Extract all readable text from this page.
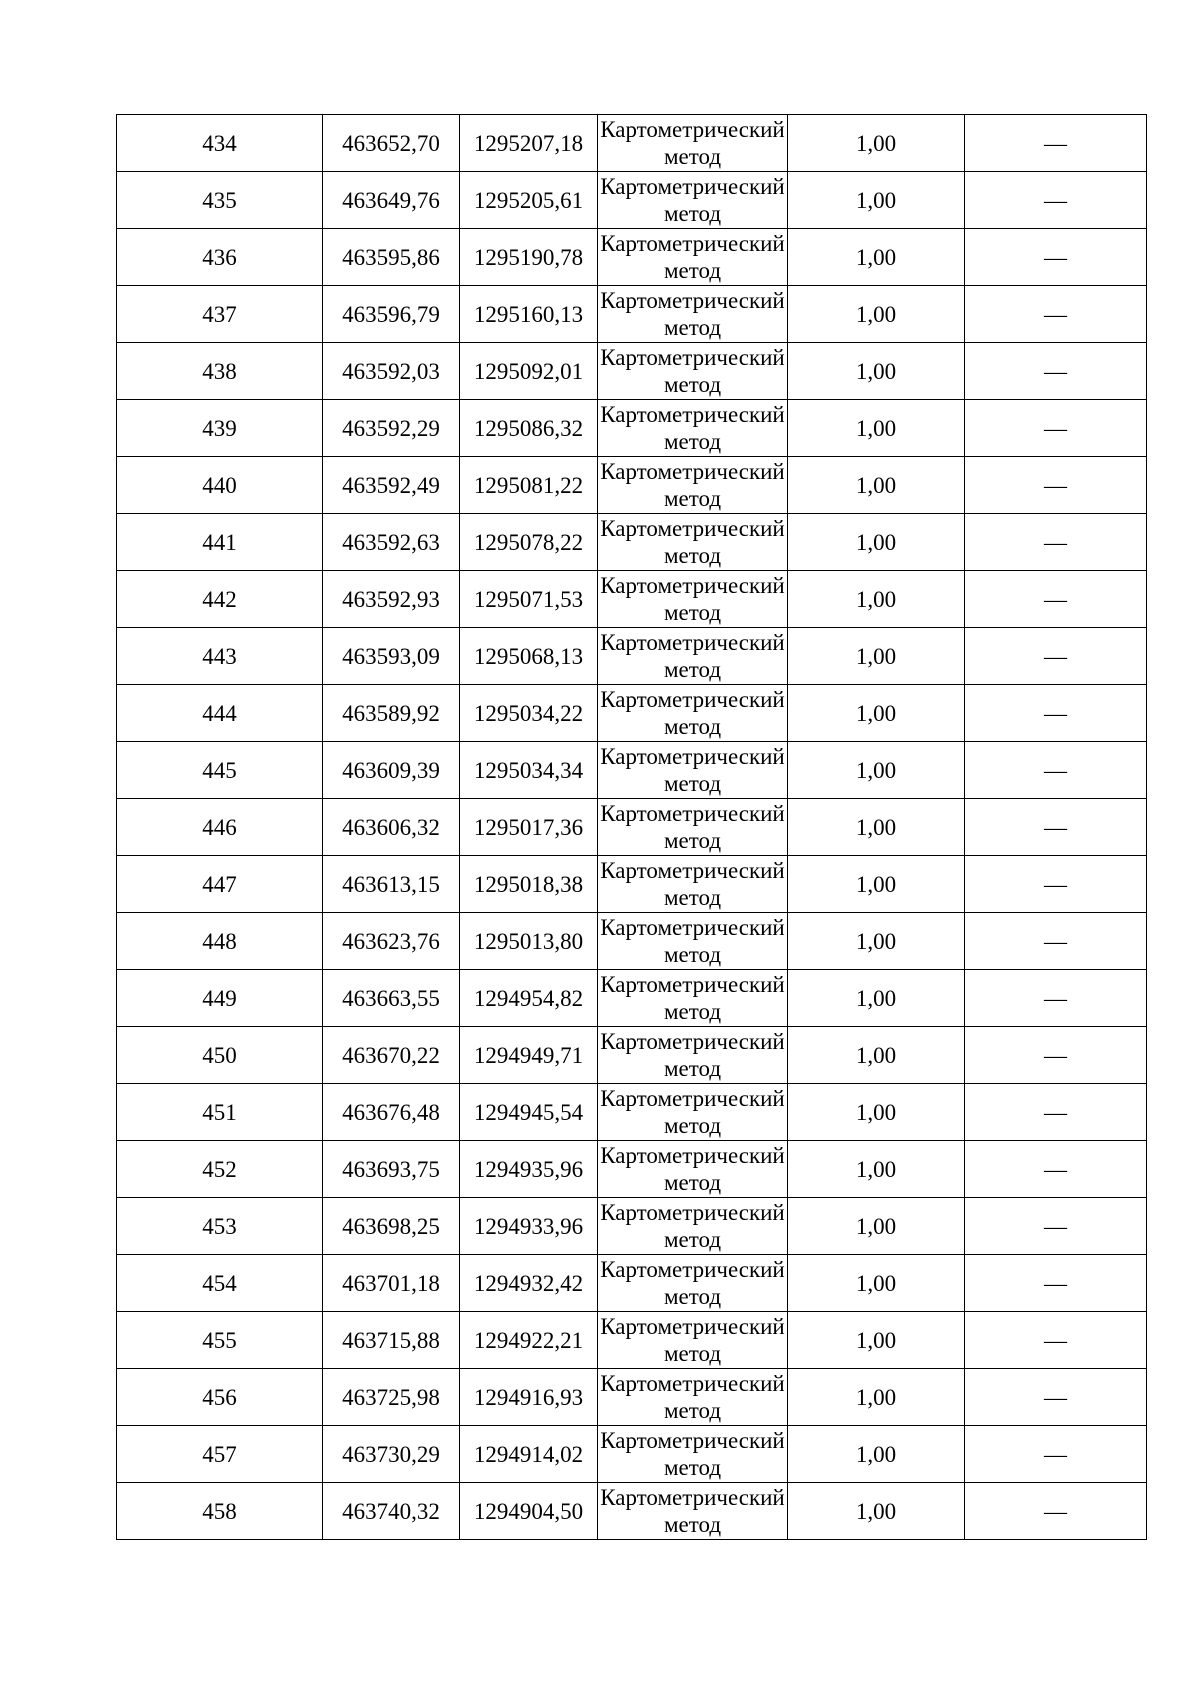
434	463652,70	1295207,18	Картометрический метод	1,00	—
435	463649,76	1295205,61	Картометрический метод	1,00	—
436	463595,86	1295190,78	Картометрический метод	1,00	—
437	463596,79	1295160,13	Картометрический метод	1,00	—
438	463592,03	1295092,01	Картометрический метод	1,00	—
439	463592,29	1295086,32	Картометрический метод	1,00	—
440	463592,49	1295081,22	Картометрический метод	1,00	—
441	463592,63	1295078,22	Картометрический метод	1,00	—
442	463592,93	1295071,53	Картометрический метод	1,00	—
443	463593,09	1295068,13	Картометрический метод	1,00	—
444	463589,92	1295034,22	Картометрический метод	1,00	—
445	463609,39	1295034,34	Картометрический метод	1,00	—
446	463606,32	1295017,36	Картометрический метод	1,00	—
447	463613,15	1295018,38	Картометрический метод	1,00	—
448	463623,76	1295013,80	Картометрический метод	1,00	—
449	463663,55	1294954,82	Картометрический метод	1,00	—
450	463670,22	1294949,71	Картометрический метод	1,00	—
451	463676,48	1294945,54	Картометрический метод	1,00	—
452	463693,75	1294935,96	Картометрический метод	1,00	—
453	463698,25	1294933,96	Картометрический метод	1,00	—
454	463701,18	1294932,42	Картометрический метод	1,00	—
455	463715,88	1294922,21	Картометрический метод	1,00	—
456	463725,98	1294916,93	Картометрический метод	1,00	—
457	463730,29	1294914,02	Картометрический метод	1,00	—
458	463740,32	1294904,50	Картометрический метод	1,00	—
